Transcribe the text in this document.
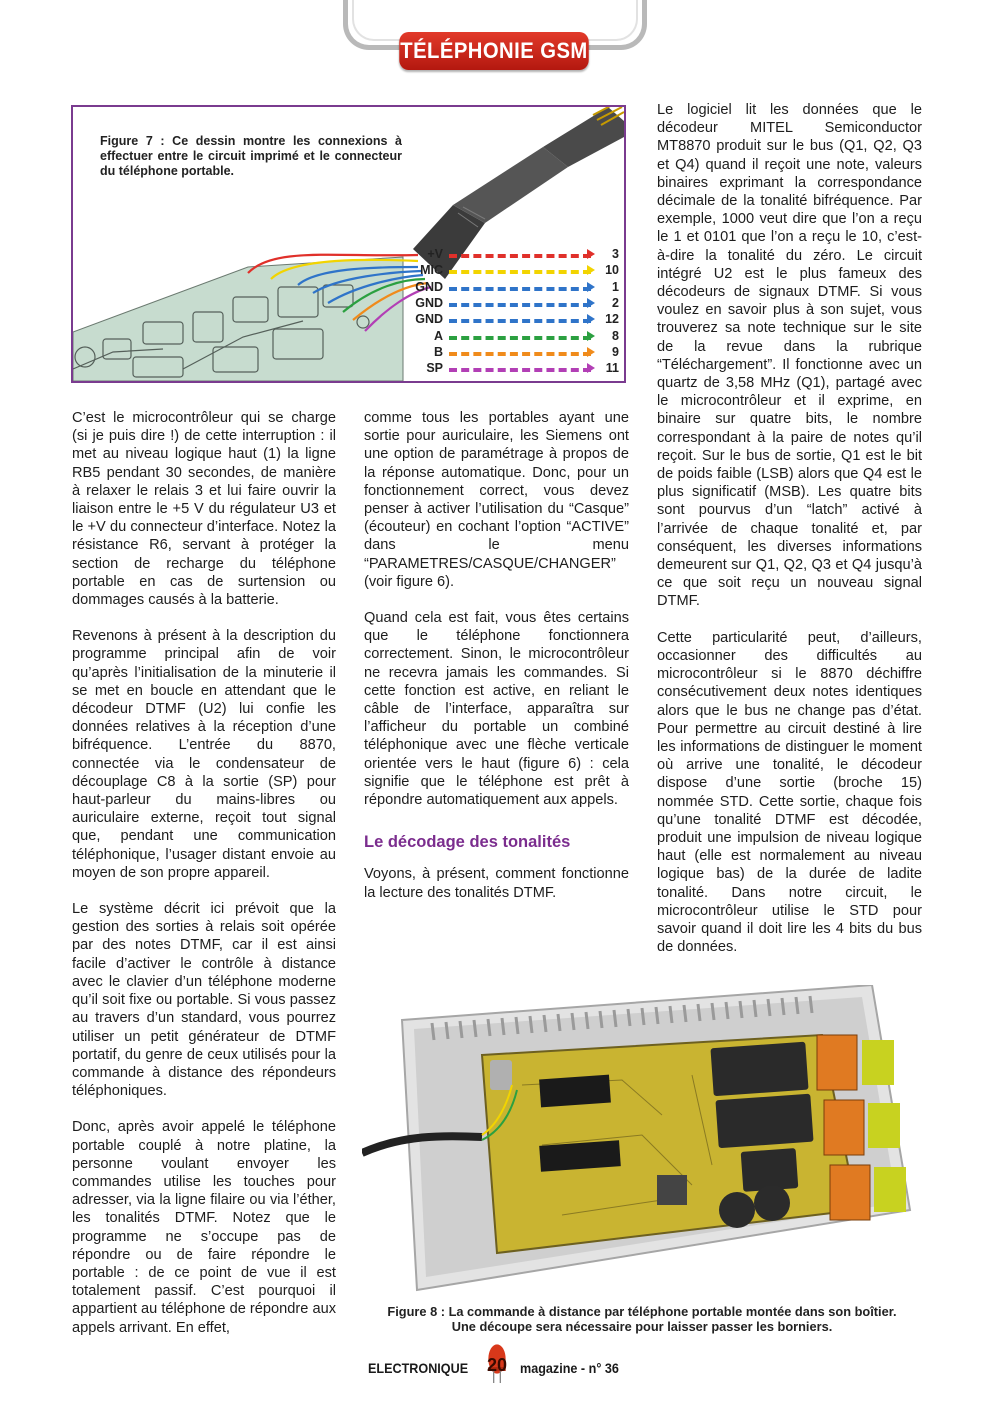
TÉLÉPHONIE GSM
Figure 7 : Ce dessin montre les connexions à effectuer entre le circuit imprimé et le connecteur du téléphone portable.
+V	3
MIC	10
GND	1
GND	2
GND	12
A	8
B	9
SP	11

C’est le microcontrôleur qui se charge (si je puis dire !) de cette interruption : il met au niveau logique haut (1) la ligne RB5 pendant 30 secondes, de manière à relaxer le relais 3 et lui faire ouvrir la liaison entre le +5 V du régulateur U3 et le +V du connecteur d’interface. Notez la résistance R6, servant à protéger la section de recharge du téléphone portable en cas de surtension ou dommages causés à la batterie.

Revenons à présent à la description du programme principal afin de voir qu’après l’initialisation de la minuterie il se met en boucle en attendant que le décodeur DTMF (U2) lui confie les données relatives à la réception d’une bifréquence. L’entrée du 8870, connectée via le condensateur de découplage C8 à la sortie (SP) pour haut-parleur du mains-libres ou auriculaire externe, reçoit tout signal que, pendant une communication téléphonique, l’usager distant envoie au moyen de son propre appareil.

Le système décrit ici prévoit que la gestion des sorties à relais soit opérée par des notes DTMF, car il est ainsi facile d’activer le contrôle à distance avec le clavier d’un téléphone moderne qu’il soit fixe ou portable. Si vous passez au travers d’un standard, vous pourrez utiliser un petit générateur de DTMF portatif, du genre de ceux utilisés pour la commande à distance des répondeurs téléphoniques.

Donc, après avoir appelé le téléphone portable couplé à notre platine, la personne voulant envoyer les commandes utilise les touches pour adresser, via la ligne filaire ou via l’éther, les tonalités DTMF. Notez que le programme ne s’occupe pas de répondre ou de faire répondre le portable : de ce point de vue il est totalement passif. C’est pourquoi il appartient au téléphone de répondre aux appels arrivant. En effet,

comme tous les portables ayant une sortie pour auriculaire, les Siemens ont une option de paramétrage à propos de la réponse automatique. Donc, pour un fonctionnement correct, vous devez penser à activer l’utilisation du “Casque” (écouteur) en cochant l’option “ACTIVE” dans le menu “PARAMETRES/CASQUE/CHANGER” (voir figure 6).

Quand cela est fait, vous êtes certains que le téléphone fonctionnera correctement. Sinon, le microcontrôleur ne recevra jamais les commandes. Si cette fonction est active, en reliant le câble de l’interface, apparaîtra sur l’afficheur du portable un combiné téléphonique avec une flèche verticale orientée vers le haut (figure 6) : cela signifie que le téléphone est prêt à répondre automatiquement aux appels.

Le décodage des tonalités

Voyons, à présent, comment fonctionne la lecture des tonalités DTMF.

Le logiciel lit les données que le décodeur MITEL Semiconductor MT8870 produit sur le bus (Q1, Q2, Q3 et Q4) quand il reçoit une note, valeurs binaires exprimant la correspondance décimale de la tonalité bifréquence. Par exemple, 1000 veut dire que l’on a reçu le 1 et 0101 que l’on a reçu le 10, c’est-à-dire la tonalité du zéro. Le circuit intégré U2 est le plus fameux des décodeurs de signaux DTMF. Si vous voulez en savoir plus à son sujet, vous trouverez sa note technique sur le site de la revue dans la rubrique “Téléchargement”. Il fonctionne avec un quartz de 3,58 MHz (Q1), partagé avec le microcontrôleur et il exprime, en binaire sur quatre bits, le nombre correspondant à la paire de notes qu’il reçoit. Sur le bus de sortie, Q1 est le bit de poids faible (LSB) alors que Q4 est le plus significatif (MSB). Les quatre bits sont pourvus d’un “latch” activé à l’arrivée de chaque tonalité et, par conséquent, les diverses informations demeurent sur Q1, Q2, Q3 et Q4 jusqu’à ce que soit reçu un nouveau signal DTMF.

Cette particularité peut, d’ailleurs, occasionner des difficultés au microcontrôleur si le 8870 déchiffre consécutivement deux notes identiques alors que le bus ne change pas d’état. Pour permettre au circuit destiné à lire les informations de distinguer le moment où arrive une tonalité, le décodeur dispose d’une sortie (broche 15) nommée STD. Cette sortie, chaque fois qu’une tonalité DTMF est décodée, produit une impulsion de niveau logique haut (elle est normalement au niveau logique bas) de la durée de ladite tonalité. Dans notre circuit, le microcontrôleur utilise le STD pour savoir quand il doit lire les 4 bits du bus de données.

Figure 8 : La commande à distance par téléphone portable montée dans son boîtier.
Une découpe sera nécessaire pour laisser passer les borniers.
ELECTRONIQUE 20 magazine - n° 36
